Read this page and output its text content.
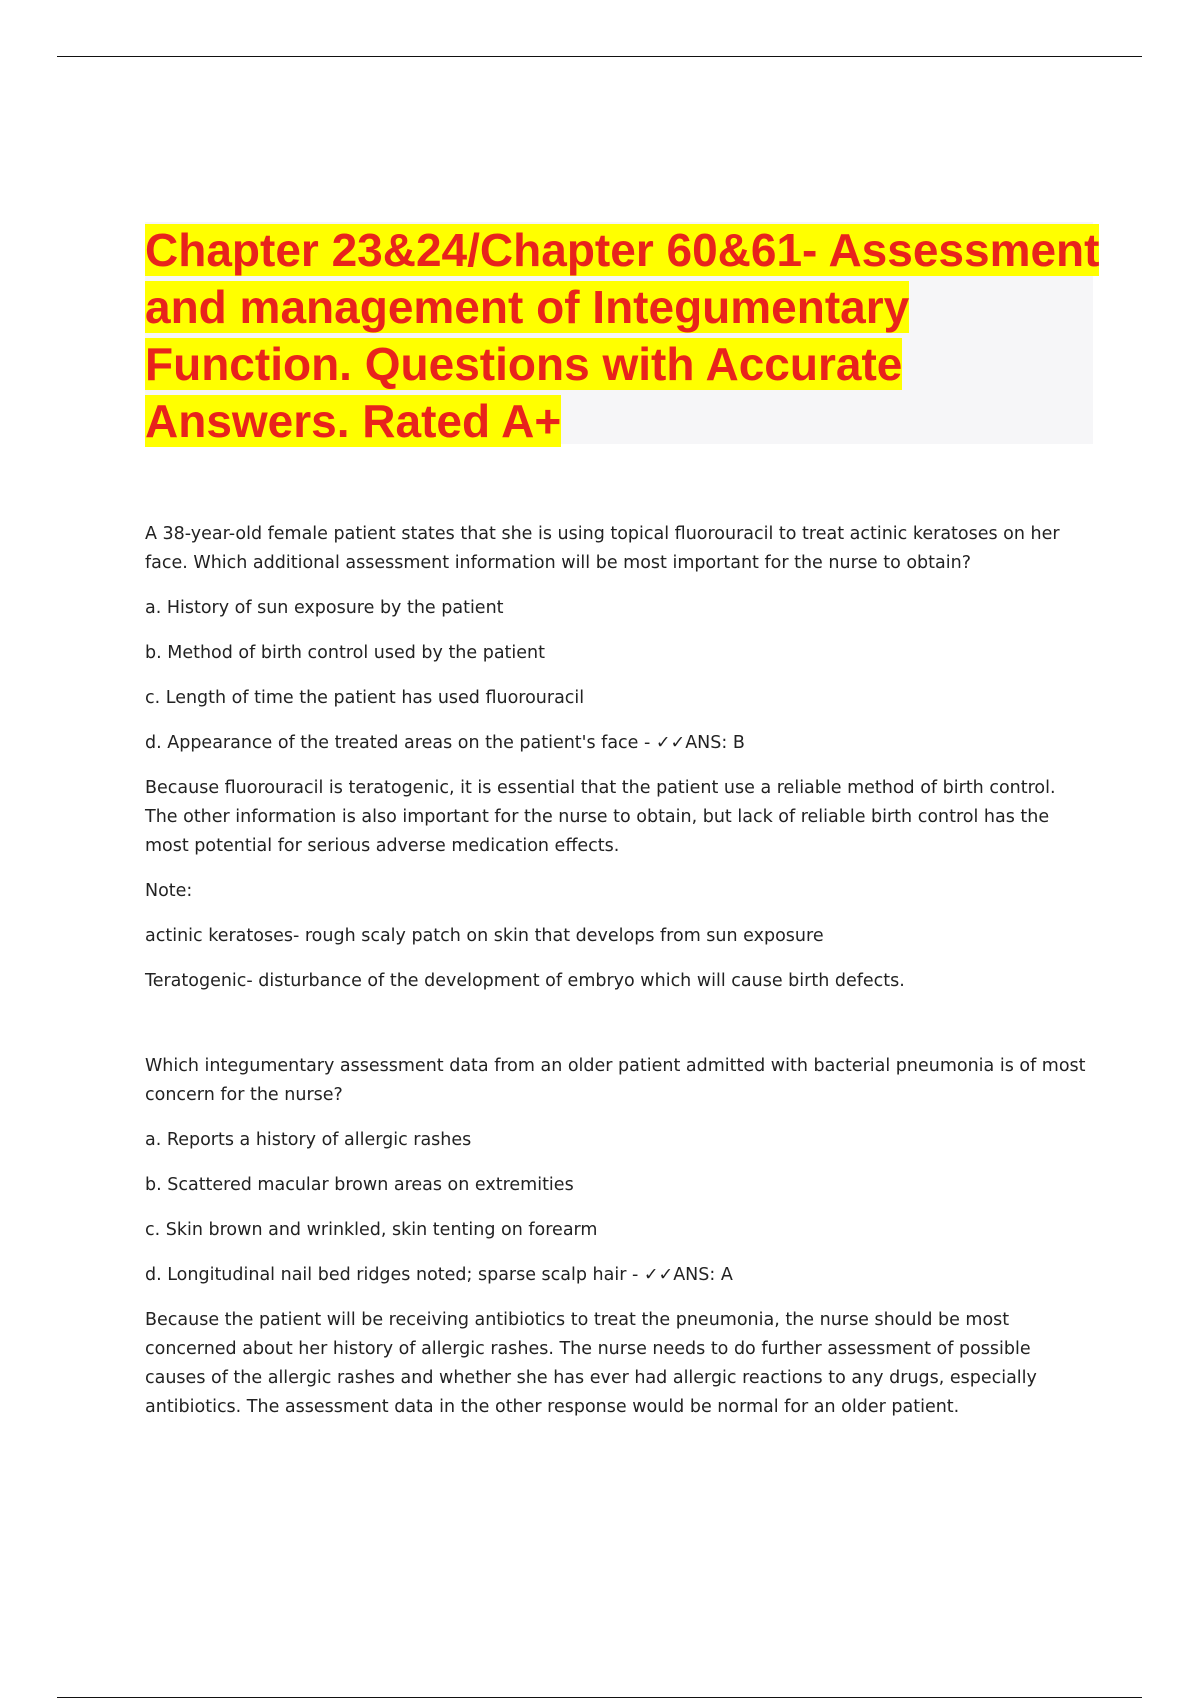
Chapter 23&24/Chapter 60&61- Assessment and management of Integumentary Function. Questions with Accurate Answers. Rated A+

A 38-year-old female patient states that she is using topical fluorouracil to treat actinic keratoses on her face. Which additional assessment information will be most important for the nurse to obtain?

a. History of sun exposure by the patient

b. Method of birth control used by the patient

c. Length of time the patient has used fluorouracil

d. Appearance of the treated areas on the patient's face - ✓✓ANS: B

Because fluorouracil is teratogenic, it is essential that the patient use a reliable method of birth control. The other information is also important for the nurse to obtain, but lack of reliable birth control has the most potential for serious adverse medication effects.

Note:

actinic keratoses- rough scaly patch on skin that develops from sun exposure

Teratogenic- disturbance of the development of embryo which will cause birth defects.

Which integumentary assessment data from an older patient admitted with bacterial pneumonia is of most concern for the nurse?

a. Reports a history of allergic rashes

b. Scattered macular brown areas on extremities

c. Skin brown and wrinkled, skin tenting on forearm

d. Longitudinal nail bed ridges noted; sparse scalp hair - ✓✓ANS: A

Because the patient will be receiving antibiotics to treat the pneumonia, the nurse should be most concerned about her history of allergic rashes. The nurse needs to do further assessment of possible causes of the allergic rashes and whether she has ever had allergic reactions to any drugs, especially antibiotics. The assessment data in the other response would be normal for an older patient.
